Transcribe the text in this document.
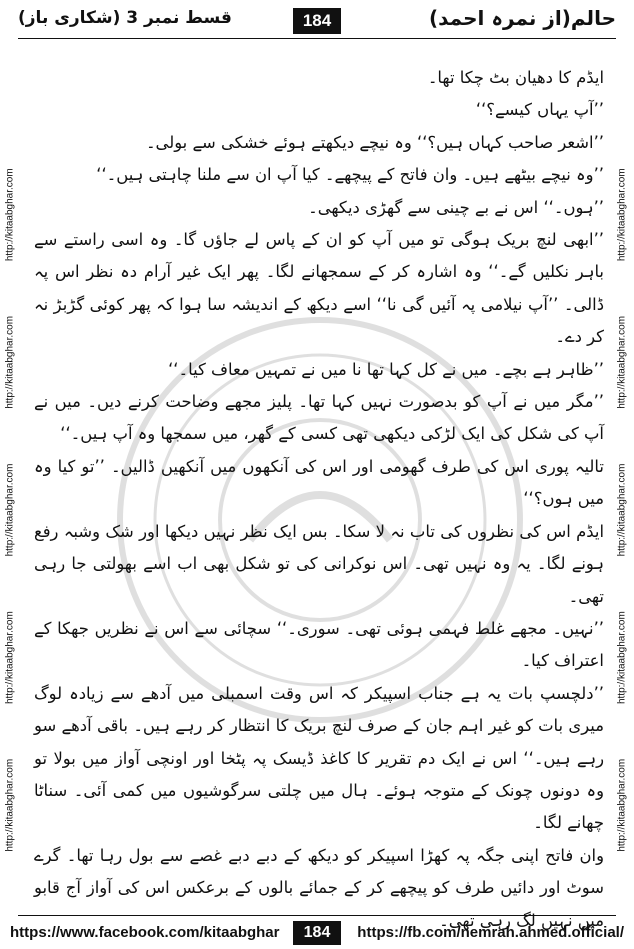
قسط نمبر 3 (شکاری باز)	184	حالم(از نمرہ احمد)
http://kitaabghar.com http://kitaabghar.com http://kitaabghar.com http://kitaabghar.com http://kitaabghar.com
http://kitaabghar.com http://kitaabghar.com http://kitaabghar.com http://kitaabghar.com http://kitaabghar.com

ایڈم کا دھیان بٹ چکا تھا۔

’’آپ یہاں کیسے؟‘‘

’’اشعر صاحب کہاں ہیں؟‘‘ وہ نیچے دیکھتے ہوئے خشکی سے بولی۔

’’وہ نیچے بیٹھے ہیں۔ وان فاتح کے پیچھے۔ کیا آپ ان سے ملنا چاہتی ہیں۔‘‘

’’ہوں۔‘‘ اس نے بے چینی سے گھڑی دیکھی۔

’’ابھی لنچ بریک ہوگی تو میں آپ کو ان کے پاس لے جاؤں گا۔ وہ اسی راستے سے باہر نکلیں گے۔‘‘ وہ اشارہ کر کے سمجھانے لگا۔ پھر ایک غیر آرام دہ نظر اس پہ ڈالی۔ ’’آپ نیلامی پہ آئیں گی نا‘‘ اسے دیکھ کے اندیشہ سا ہوا کہ پھر کوئی گڑبڑ نہ کر دے۔

’’ظاہر ہے بچے۔ میں نے کل کہا تھا نا میں نے تمہیں معاف کیا۔‘‘

’’مگر میں نے آپ کو بدصورت نہیں کہا تھا۔ پلیز مجھے وضاحت کرنے دیں۔ میں نے آپ کی شکل کی ایک لڑکی دیکھی تھی کسی کے گھر، میں سمجھا وہ آپ ہیں۔‘‘

تالیہ پوری اس کی طرف گھومی اور اس کی آنکھوں میں آنکھیں ڈالیں۔ ’’تو کیا وہ میں ہوں؟‘‘

ایڈم اس کی نظروں کی تاب نہ لا سکا۔ بس ایک نظر نہیں دیکھا اور شک وشبہ رفع ہونے لگا۔ یہ وہ نہیں تھی۔ اس نوکرانی کی تو شکل بھی اب اسے بھولتی جا رہی تھی۔

’’نہیں۔ مجھے غلط فہمی ہوئی تھی۔ سوری۔‘‘ سچائی سے اس نے نظریں جھکا کے اعتراف کیا۔

’’دلچسپ بات یہ ہے جناب اسپیکر کہ اس وقت اسمبلی میں آدھے سے زیادہ لوگ میری بات کو غیر اہم جان کے صرف لنچ بریک کا انتظار کر رہے ہیں۔ باقی آدھے سو رہے ہیں۔‘‘ اس نے ایک دم تقریر کا کاغذ ڈیسک پہ پٹخا اور اونچی آواز میں بولا تو وہ دونوں چونک کے متوجہ ہوئے۔ ہال میں چلتی سرگوشیوں میں کمی آئی۔ سناٹا چھانے لگا۔

وان فاتح اپنی جگہ پہ کھڑا اسپیکر کو دیکھ کے دبے دبے غصے سے بول رہا تھا۔ گرے سوٹ اور دائیں طرف کو پیچھے کر کے جمائے بالوں کے برعکس اس کی آواز آج قابو میں نہیں لگ رہی تھی۔

https://www.facebook.com/kitaabghar	184	https://fb.com/nemrah.ahmed.official/
